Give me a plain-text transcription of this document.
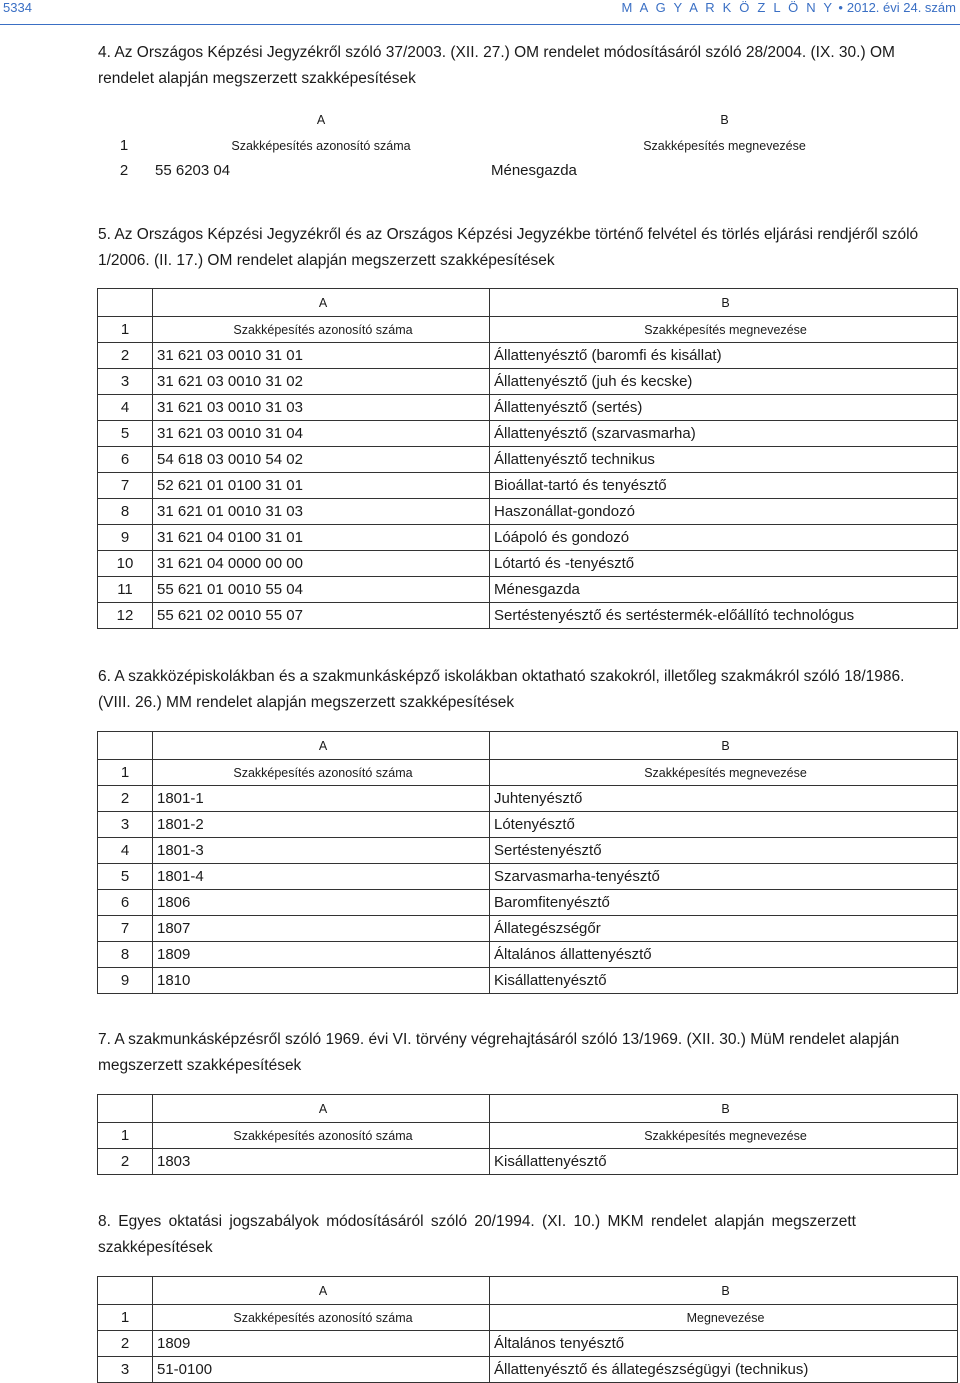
5334	M A G Y A R K Ö Z L Ö N Y • 2012. évi 24. szám
4. Az Országos Képzési Jegyzékről szóló 37/2003. (XII. 27.) OM rendelet módosításáról szóló 28/2004. (IX. 30.) OM
rendelet alapján megszerzett szakképesítések
	A	B
1	Szakképesítés azonosító száma	Szakképesítés megnevezése
2	55 6203 04	Ménesgazda
5. Az Országos Képzési Jegyzékről és az Országos Képzési Jegyzékbe történő felvétel és törlés eljárási rendjéről szóló
1/2006. (II. 17.) OM rendelet alapján megszerzett szakképesítések
	A	B
1	Szakképesítés azonosító száma	Szakképesítés megnevezése
2	31 621 03 0010 31 01	Állattenyésztő (baromfi és kisállat)
3	31 621 03 0010 31 02	Állattenyésztő (juh és kecske)
4	31 621 03 0010 31 03	Állattenyésztő (sertés)
5	31 621 03 0010 31 04	Állattenyésztő (szarvasmarha)
6	54 618 03 0010 54 02	Állattenyésztő technikus
7	52 621 01 0100 31 01	Bioállat-tartó és tenyésztő
8	31 621 01 0010 31 03	Haszonállat-gondozó
9	31 621 04 0100 31 01	Lóápoló és gondozó
10	31 621 04 0000 00 00	Lótartó és -tenyésztő
11	55 621 01 0010 55 04	Ménesgazda
12	55 621 02 0010 55 07	Sertéstenyésztő és sertéstermék-előállító technológus
6. A szakközépiskolákban és a szakmunkásképző iskolákban oktatható szakokról, illetőleg szakmákról szóló 18/1986.
(VIII. 26.) MM rendelet alapján megszerzett szakképesítések
	A	B
1	Szakképesítés azonosító száma	Szakképesítés megnevezése
2	1801-1	Juhtenyésztő
3	1801-2	Lótenyésztő
4	1801-3	Sertéstenyésztő
5	1801-4	Szarvasmarha-tenyésztő
6	1806	Baromfitenyésztő
7	1807	Állategészségőr
8	1809	Általános állattenyésztő
9	1810	Kisállattenyésztő
7. A szakmunkásképzésről szóló 1969. évi VI. törvény végrehajtásáról szóló 13/1969. (XII. 30.) MüM rendelet alapján
megszerzett szakképesítések
	A	B
1	Szakképesítés azonosító száma	Szakképesítés megnevezése
2	1803	Kisállattenyésztő
8. Egyes oktatási jogszabályok módosításáról szóló 20/1994. (XI. 10.) MKM rendelet alapján megszerzett
szakképesítések
	A	B
1	Szakképesítés azonosító száma	Megnevezése
2	1809	Általános tenyésztő
3	51-0100	Állattenyésztő és állategészségügyi (technikus)
